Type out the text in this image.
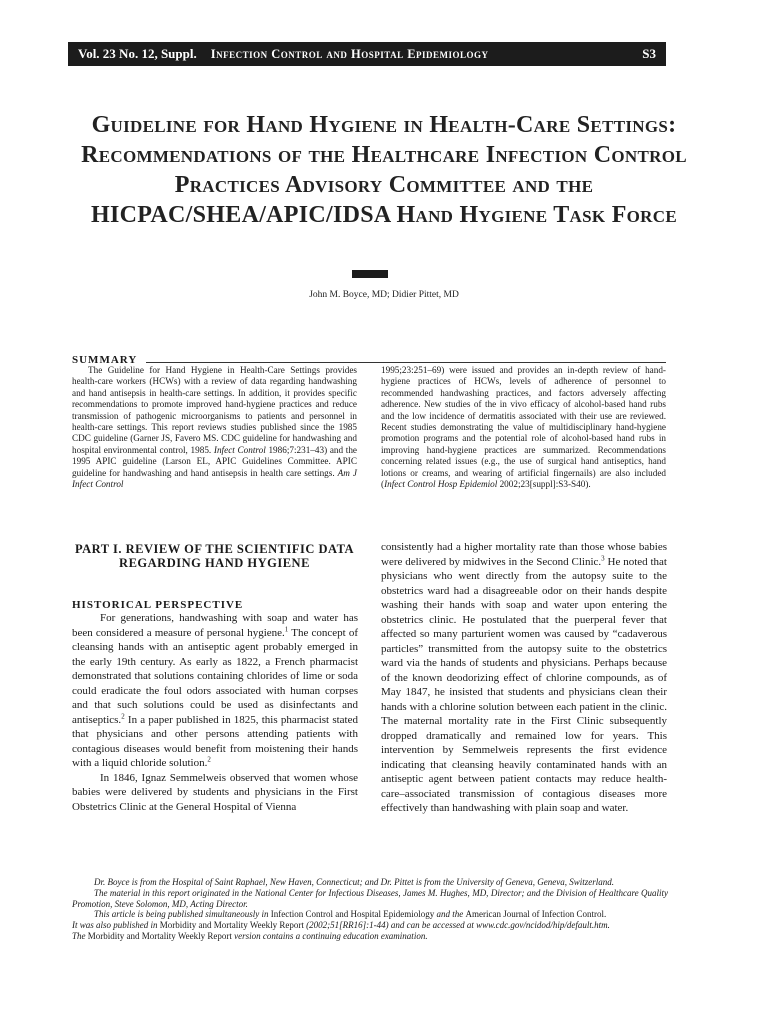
Vol. 23 No. 12, Suppl. Infection Control and Hospital Epidemiology	S3
Guideline for Hand Hygiene in Health-Care Settings: Recommendations of the Healthcare Infection Control Practices Advisory Committee and the HICPAC/SHEA/APIC/IDSA Hand Hygiene Task Force
John M. Boyce, MD; Didier Pittet, MD
SUMMARY
The Guideline for Hand Hygiene in Health-Care Settings provides health-care workers (HCWs) with a review of data regarding handwashing and hand antisepsis in health-care settings. In addition, it provides specific recommendations to promote improved hand-hygiene practices and reduce transmission of pathogenic microorganisms to patients and personnel in health-care settings. This report reviews studies published since the 1985 CDC guideline (Garner JS, Favero MS. CDC guideline for handwashing and hospital environmental control, 1985. Infect Control 1986;7:231–43) and the 1995 APIC guideline (Larson EL, APIC Guidelines Committee. APIC guideline for handwashing and hand antisepsis in health care settings. Am J Infect Control
1995;23:251–69) were issued and provides an in-depth review of hand-hygiene practices of HCWs, levels of adherence of personnel to recommended handwashing practices, and factors adversely affecting adherence. New studies of the in vivo efficacy of alcohol-based hand rubs and the low incidence of dermatitis associated with their use are reviewed. Recent studies demonstrating the value of multidisciplinary hand-hygiene promotion programs and the potential role of alcohol-based hand rubs in improving hand-hygiene practices are summarized. Recommendations concerning related issues (e.g., the use of surgical hand antiseptics, hand lotions or creams, and wearing of artificial fingernails) are also included (Infect Control Hosp Epidemiol 2002;23[suppl]:S3-S40).
PART I. REVIEW OF THE SCIENTIFIC DATA REGARDING HAND HYGIENE
HISTORICAL PERSPECTIVE

For generations, handwashing with soap and water has been considered a measure of personal hygiene.$^1$ The concept of cleansing hands with an antiseptic agent probably emerged in the early 19th century. As early as 1822, a French pharmacist demonstrated that solutions containing chlorides of lime or soda could eradicate the foul odors associated with human corpses and that such solutions could be used as disinfectants and antiseptics.$^2$ In a paper published in 1825, this pharmacist stated that physicians and other persons attending patients with contagious diseases would benefit from moistening their hands with a liquid chloride solution.$^2$

In 1846, Ignaz Semmelweis observed that women whose babies were delivered by students and physicians in the First Obstetrics Clinic at the General Hospital of Vienna

consistently had a higher mortality rate than those whose babies were delivered by midwives in the Second Clinic.$^3$ He noted that physicians who went directly from the autopsy suite to the obstetrics ward had a disagreeable odor on their hands despite washing their hands with soap and water upon entering the obstetrics clinic. He postulated that the puerperal fever that affected so many parturient women was caused by “cadaverous particles” transmitted from the autopsy suite to the obstetrics ward via the hands of students and physicians. Perhaps because of the known deodorizing effect of chlorine compounds, as of May 1847, he insisted that students and physicians clean their hands with a chlorine solution between each patient in the clinic. The maternal mortality rate in the First Clinic subsequently dropped dramatically and remained low for years. This intervention by Semmelweis represents the first evidence indicating that cleansing heavily contaminated hands with an antiseptic agent between patient contacts may reduce health-care–associated transmission of contagious diseases more effectively than handwashing with plain soap and water.

Dr. Boyce is from the Hospital of Saint Raphael, New Haven, Connecticut; and Dr. Pittet is from the University of Geneva, Geneva, Switzerland.

The material in this report originated in the National Center for Infectious Diseases, James M. Hughes, MD, Director; and the Division of Healthcare Quality Promotion, Steve Solomon, MD, Acting Director.

This article is being published simultaneously in Infection Control and Hospital Epidemiology and the American Journal of Infection Control.

It was also published in Morbidity and Mortality Weekly Report (2002;51[RR16]:1-44) and can be accessed at www.cdc.gov/ncidod/hip/default.htm.

The Morbidity and Mortality Weekly Report version contains a continuing education examination.
